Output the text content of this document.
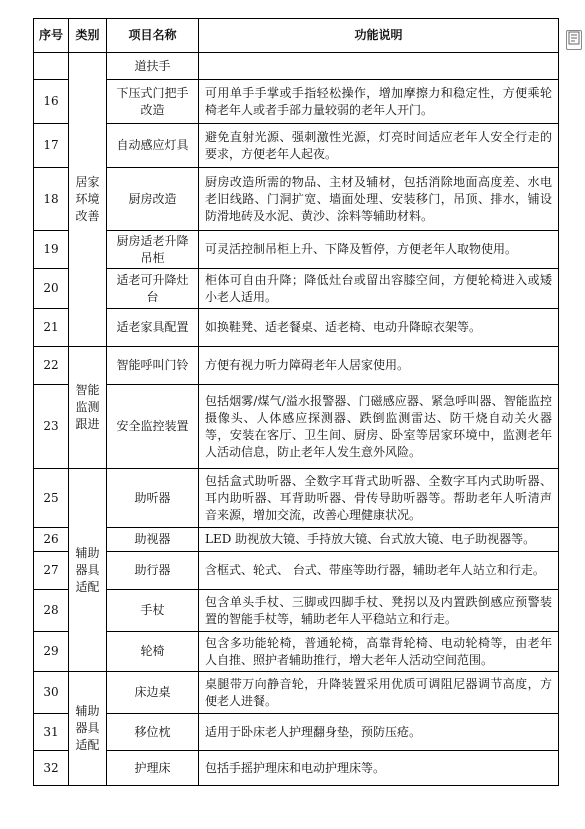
序号	类别	项目名称	功能说明
	居家环境改善	道扶手	
16		下压式门把手改造	可用单手手掌或手指轻松操作，增加摩擦力和稳定性，方便乘轮椅老年人或者手部力量较弱的老年人开门。
17		自动感应灯具	避免直射光源、强刺激性光源，灯亮时间适应老年人安全行走的要求，方便老年人起夜。
18		厨房改造	厨房改造所需的物品、主材及辅材，包括消除地面高度差、水电老旧线路、门洞扩宽、墙面处理、安装移门，吊顶、排水，铺设防滑地砖及水泥、黄沙、涂料等辅助材料。
19		厨房适老升降吊柜	可灵活控制吊柜上升、下降及暂停，方便老年人取物使用。
20		适老可升降灶台	柜体可自由升降；降低灶台或留出容膝空间，方便轮椅进入或矮小老人适用。
21		适老家具配置	如换鞋凳、适老餐桌、适老椅、电动升降晾衣架等。
22	智能监测跟进	智能呼叫门铃	方便有视力听力障碍老年人居家使用。
23		安全监控装置	包括烟雾/煤气/溢水报警器、门磁感应器、紧急呼叫器、智能监控摄像头、人体感应探测器、跌倒监测雷达、防干烧自动关火器等，安装在客厅、卫生间、厨房、卧室等居家环境中，监测老年人活动信息，防止老年人发生意外风险。
25	辅助器具适配	助听器	包括盒式助听器、全数字耳背式助听器、全数字耳内式助听器、耳内助听器、耳背助听器、骨传导助听器等。帮助老年人听清声音来源，增加交流，改善心理健康状况。
26		助视器	LED 助视放大镜、手持放大镜、台式放大镜、电子助视器等。
27		助行器	含框式、轮式、 台式、带座等助行器，辅助老年人站立和行走。
28		手杖	包含单头手杖、三脚或四脚手杖、凳拐以及内置跌倒感应预警装置的智能手杖等，辅助老年人平稳站立和行走。
29		轮椅	包含多功能轮椅，普通轮椅，高靠背轮椅、电动轮椅等，由老年人自推、照护者辅助推行，增大老年人活动空间范围。
30	辅助器具适配	床边桌	桌腿带万向静音轮，升降装置采用优质可调阻尼器调节高度，方便老人进餐。
31		移位枕	适用于卧床老人护理翻身垫，预防压疮。
32		护理床	包括手摇护理床和电动护理床等。
